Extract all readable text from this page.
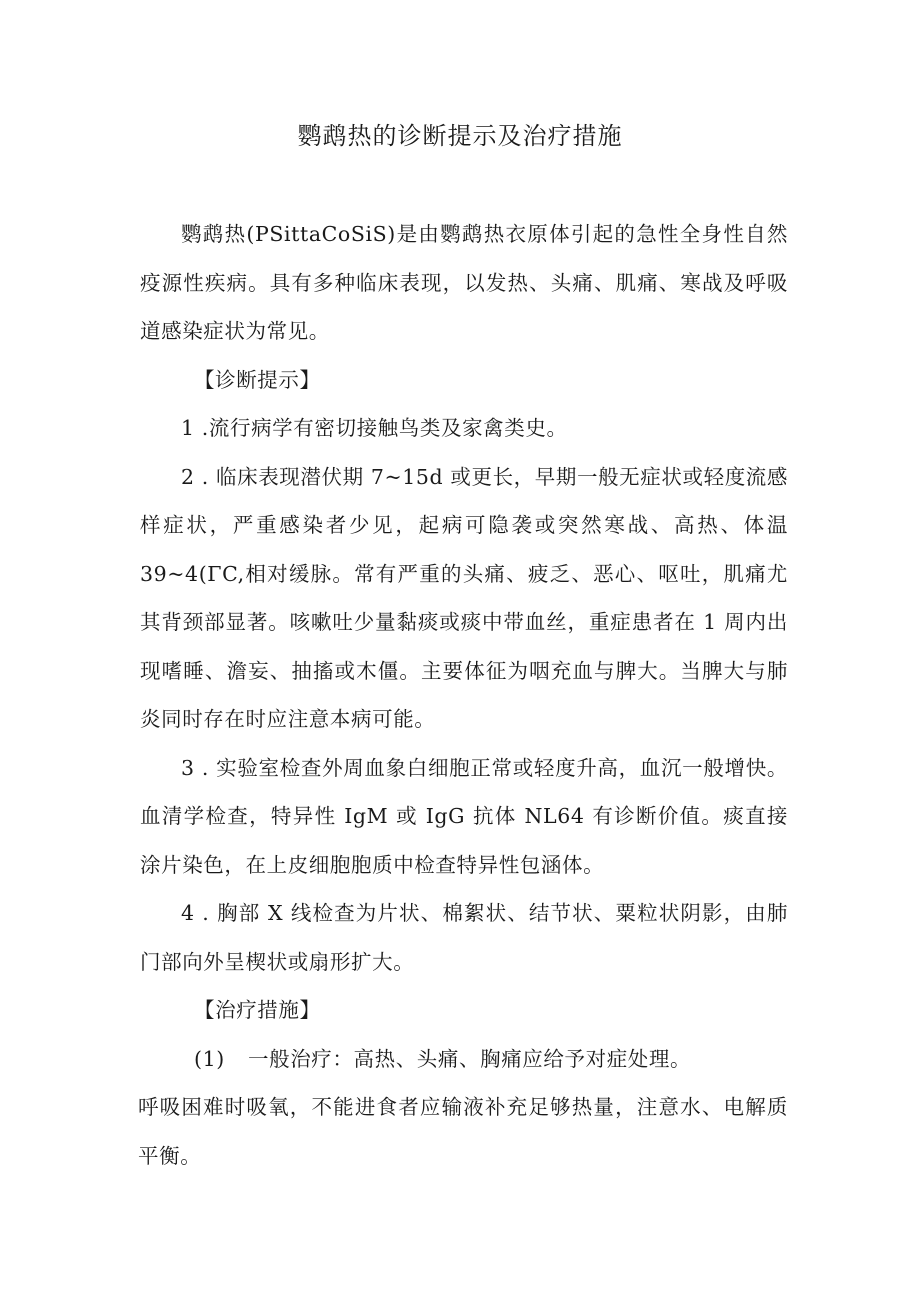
鹦鹉热的诊断提示及治疗措施

鹦鹉热(PSittaCoSiS)是由鹦鹉热衣原体引起的急性全身性自然疫源性疾病。具有多种临床表现，以发热、头痛、肌痛、寒战及呼吸道感染症状为常见。

【诊断提示】

1 .流行病学有密切接触鸟类及家禽类史。

2 . 临床表现潜伏期 7~15d 或更长，早期一般无症状或轻度流感样症状，严重感染者少见，起病可隐袭或突然寒战、高热、体温 39~4(ΓC,相对缓脉。常有严重的头痛、疲乏、恶心、呕吐，肌痛尤其背颈部显著。咳嗽吐少量黏痰或痰中带血丝，重症患者在 1 周内出现嗜睡、澹妄、抽搐或木僵。主要体征为咽充血与脾大。当脾大与肺炎同时存在时应注意本病可能。

3 . 实验室检查外周血象白细胞正常或轻度升高，血沉一般增快。血清学检查，特异性 IgM 或 IgG 抗体 NL64 有诊断价值。痰直接涂片染色，在上皮细胞胞质中检查特异性包涵体。

4 . 胸部 X 线检查为片状、棉絮状、结节状、粟粒状阴影，由肺门部向外呈楔状或扇形扩大。

【治疗措施】

(1) 一般治疗：高热、头痛、胸痛应给予对症处理。
呼吸困难时吸氧，不能进食者应输液补充足够热量，注意水、电解质平衡。
